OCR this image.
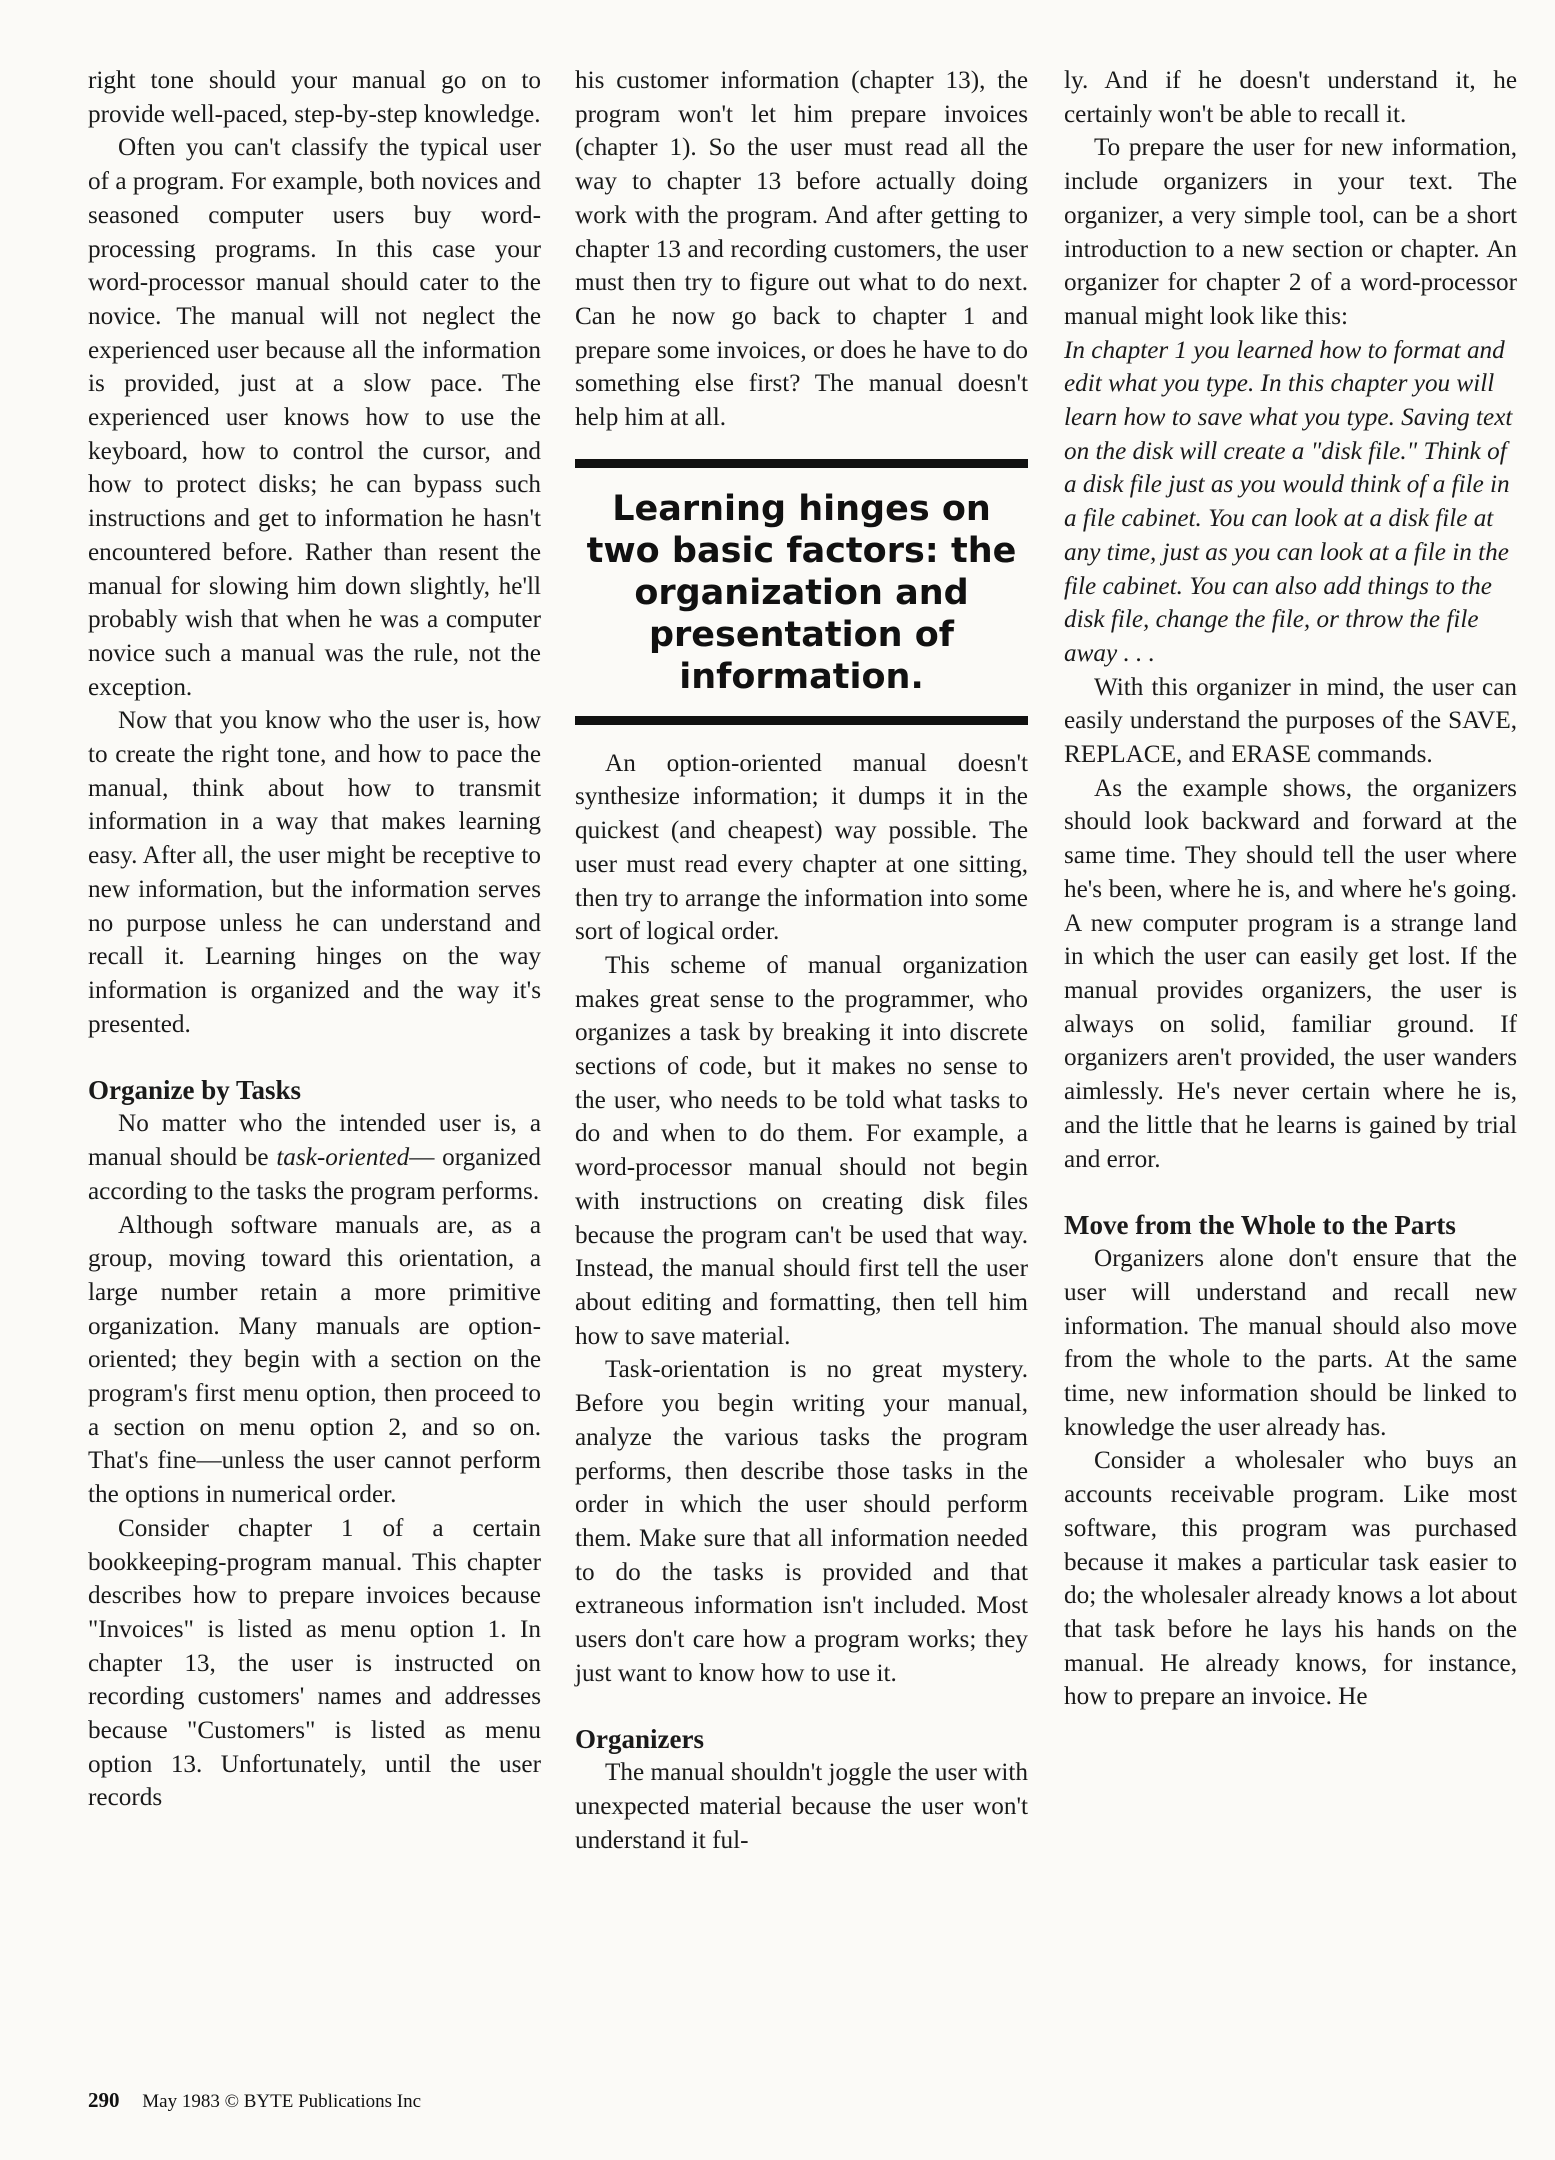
right tone should your manual go on to provide well-paced, step-by-step knowledge.

Often you can't classify the typical user of a program. For example, both novices and seasoned computer users buy word-processing programs. In this case your word-processor manual should cater to the novice. The manual will not neglect the experienced user because all the information is provided, just at a slow pace. The experienced user knows how to use the keyboard, how to control the cursor, and how to protect disks; he can bypass such instructions and get to information he hasn't encountered before. Rather than resent the manual for slowing him down slightly, he'll probably wish that when he was a computer novice such a manual was the rule, not the exception.

Now that you know who the user is, how to create the right tone, and how to pace the manual, think about how to transmit information in a way that makes learning easy. After all, the user might be receptive to new information, but the information serves no purpose unless he can understand and recall it. Learning hinges on the way information is organized and the way it's presented.

Organize by Tasks

No matter who the intended user is, a manual should be task-oriented— organized according to the tasks the program performs.

Although software manuals are, as a group, moving toward this orientation, a large number retain a more primitive organization. Many manuals are option-oriented; they begin with a section on the program's first menu option, then proceed to a section on menu option 2, and so on. That's fine—unless the user cannot perform the options in numerical order.

Consider chapter 1 of a certain bookkeeping-program manual. This chapter describes how to prepare invoices because "Invoices" is listed as menu option 1. In chapter 13, the user is instructed on recording customers' names and addresses because "Customers" is listed as menu option 13. Unfortunately, until the user records

his customer information (chapter 13), the program won't let him prepare invoices (chapter 1). So the user must read all the way to chapter 13 before actually doing work with the program. And after getting to chapter 13 and recording customers, the user must then try to figure out what to do next. Can he now go back to chapter 1 and prepare some invoices, or does he have to do something else first? The manual doesn't help him at all.

Learning hinges on two basic factors: the organization and presentation of information.

An option-oriented manual doesn't synthesize information; it dumps it in the quickest (and cheapest) way possible. The user must read every chapter at one sitting, then try to arrange the information into some sort of logical order.

This scheme of manual organization makes great sense to the programmer, who organizes a task by breaking it into discrete sections of code, but it makes no sense to the user, who needs to be told what tasks to do and when to do them. For example, a word-processor manual should not begin with instructions on creating disk files because the program can't be used that way. Instead, the manual should first tell the user about editing and formatting, then tell him how to save material.

Task-orientation is no great mystery. Before you begin writing your manual, analyze the various tasks the program performs, then describe those tasks in the order in which the user should perform them. Make sure that all information needed to do the tasks is provided and that extraneous information isn't included. Most users don't care how a program works; they just want to know how to use it.

Organizers

The manual shouldn't joggle the user with unexpected material because the user won't understand it ful-

ly. And if he doesn't understand it, he certainly won't be able to recall it.

To prepare the user for new information, include organizers in your text. The organizer, a very simple tool, can be a short introduction to a new section or chapter. An organizer for chapter 2 of a word-processor manual might look like this:

In chapter 1 you learned how to format and edit what you type. In this chapter you will learn how to save what you type. Saving text on the disk will create a "disk file." Think of a disk file just as you would think of a file in a file cabinet. You can look at a disk file at any time, just as you can look at a file in the file cabinet. You can also add things to the disk file, change the file, or throw the file away . . .

With this organizer in mind, the user can easily understand the purposes of the SAVE, REPLACE, and ERASE commands.

As the example shows, the organizers should look backward and forward at the same time. They should tell the user where he's been, where he is, and where he's going. A new computer program is a strange land in which the user can easily get lost. If the manual provides organizers, the user is always on solid, familiar ground. If organizers aren't provided, the user wanders aimlessly. He's never certain where he is, and the little that he learns is gained by trial and error.

Move from the Whole to the Parts

Organizers alone don't ensure that the user will understand and recall new information. The manual should also move from the whole to the parts. At the same time, new information should be linked to knowledge the user already has.

Consider a wholesaler who buys an accounts receivable program. Like most software, this program was purchased because it makes a particular task easier to do; the wholesaler already knows a lot about that task before he lays his hands on the manual. He already knows, for instance, how to prepare an invoice. He

290 May 1983 © BYTE Publications Inc
